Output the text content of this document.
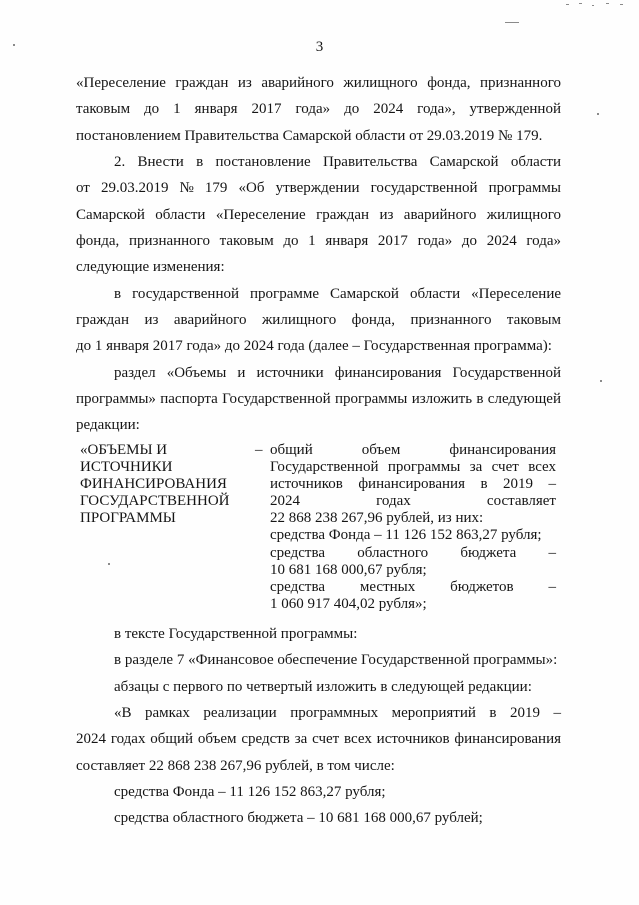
3
«Переселение граждан из аварийного жилищного фонда, признанного
таковым до 1 января 2017 года» до 2024 года», утвержденной
постановлением Правительства Самарской области от 29.03.2019 № 179.
2. Внести в постановление Правительства Самарской области
от 29.03.2019 № 179 «Об утверждении государственной программы
Самарской области «Переселение граждан из аварийного жилищного
фонда, признанного таковым до 1 января 2017 года» до 2024 года»
следующие изменения:
в государственной программе Самарской области «Переселение
граждан из аварийного жилищного фонда, признанного таковым
до 1 января 2017 года» до 2024 года (далее – Государственная программа):
раздел «Объемы и источники финансирования Государственной
программы» паспорта Государственной программы изложить в следующей
редакции:
«ОБЪЕМЫ И
ИСТОЧНИКИ
ФИНАНСИРОВАНИЯ
ГОСУДАРСТВЕННОЙ
ПРОГРАММЫ
– общий объем финансирования
Государственной программы за счет всех
источников финансирования в 2019 –
2024 годах составляет
22 868 238 267,96 рублей, из них:
средства Фонда – 11 126 152 863,27 рубля;
средства областного бюджета –
10 681 168 000,67 рубля;
средства местных бюджетов –
1 060 917 404,02 рубля»;
в тексте Государственной программы:
в разделе 7 «Финансовое обеспечение Государственной программы»:
абзацы с первого по четвертый изложить в следующей редакции:
«В рамках реализации программных мероприятий в 2019 –
2024 годах общий объем средств за счет всех источников финансирования
составляет 22 868 238 267,96 рублей, в том числе:
средства Фонда – 11 126 152 863,27 рубля;
средства областного бюджета – 10 681 168 000,67 рублей;
